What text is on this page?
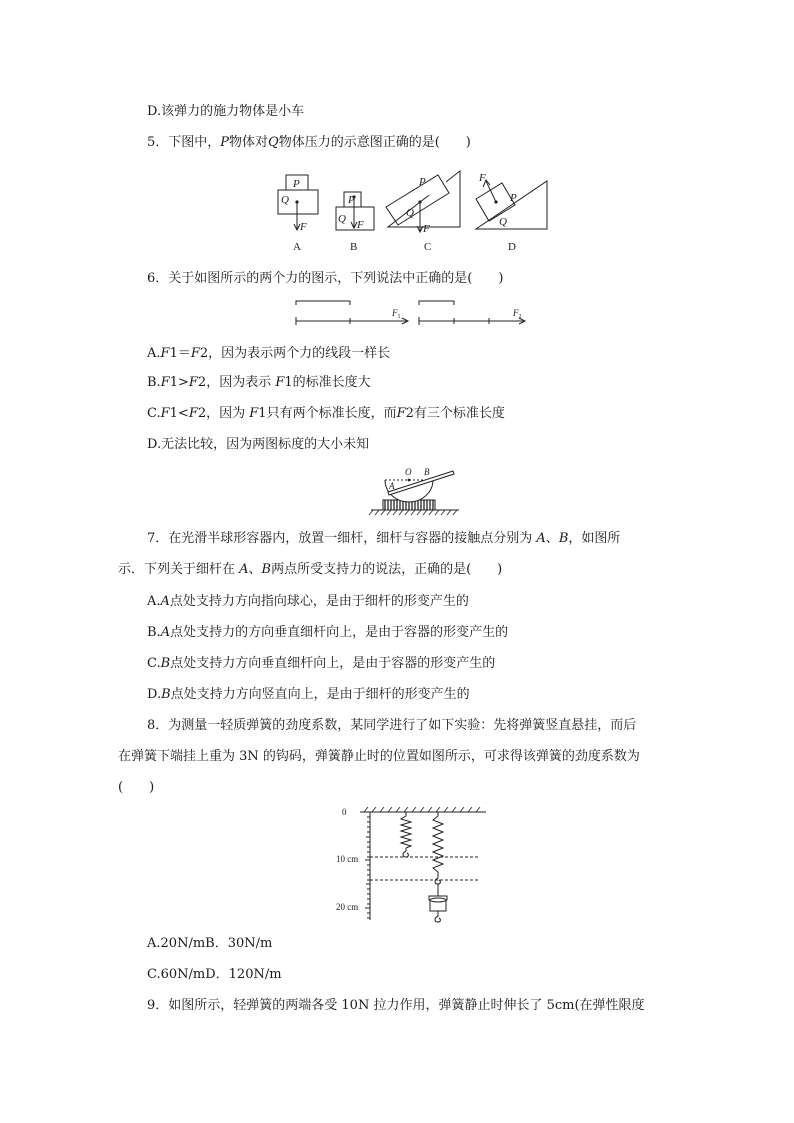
D.该弹力的施力物体是小车
5．下图中，P物体对Q物体压力的示意图正确的是(　　)
P
Q
F
P
Q F
P
Q
F
P
Q
F
A	B	C	D
6．关于如图所示的两个力的图示，下列说法中正确的是(　　)
$F_1$	$F_2$
A.F1＝F2，因为表示两个力的线段一样长
B.F1>F2，因为表示 F1的标准长度大
C.F1<F2，因为 F1只有两个标准长度，而F2有三个标准长度
D.无法比较，因为两图标度的大小未知
O B
A
7．在光滑半球形容器内，放置一细杆，细杆与容器的接触点分别为 A、B，如图所
示．下列关于细杆在 A、B两点所受支持力的说法，正确的是(　　)
A.A点处支持力方向指向球心，是由于细杆的形变产生的
B.A点处支持力的方向垂直细杆向上，是由于容器的形变产生的
C.B点处支持力方向垂直细杆向上，是由于容器的形变产生的
D.B点处支持力方向竖直向上，是由于细杆的形变产生的
8．为测量一轻质弹簧的劲度系数，某同学进行了如下实验：先将弹簧竖直悬挂，而后
在弹簧下端挂上重为 3N 的钩码，弹簧静止时的位置如图所示，可求得该弹簧的劲度系数为
(　　)
0
10 cm
20 cm
A.20N/mB．30N/m
C.60N/mD．120N/m
9．如图所示，轻弹簧的两端各受 10N 拉力作用，弹簧静止时伸长了 5cm(在弹性限度
